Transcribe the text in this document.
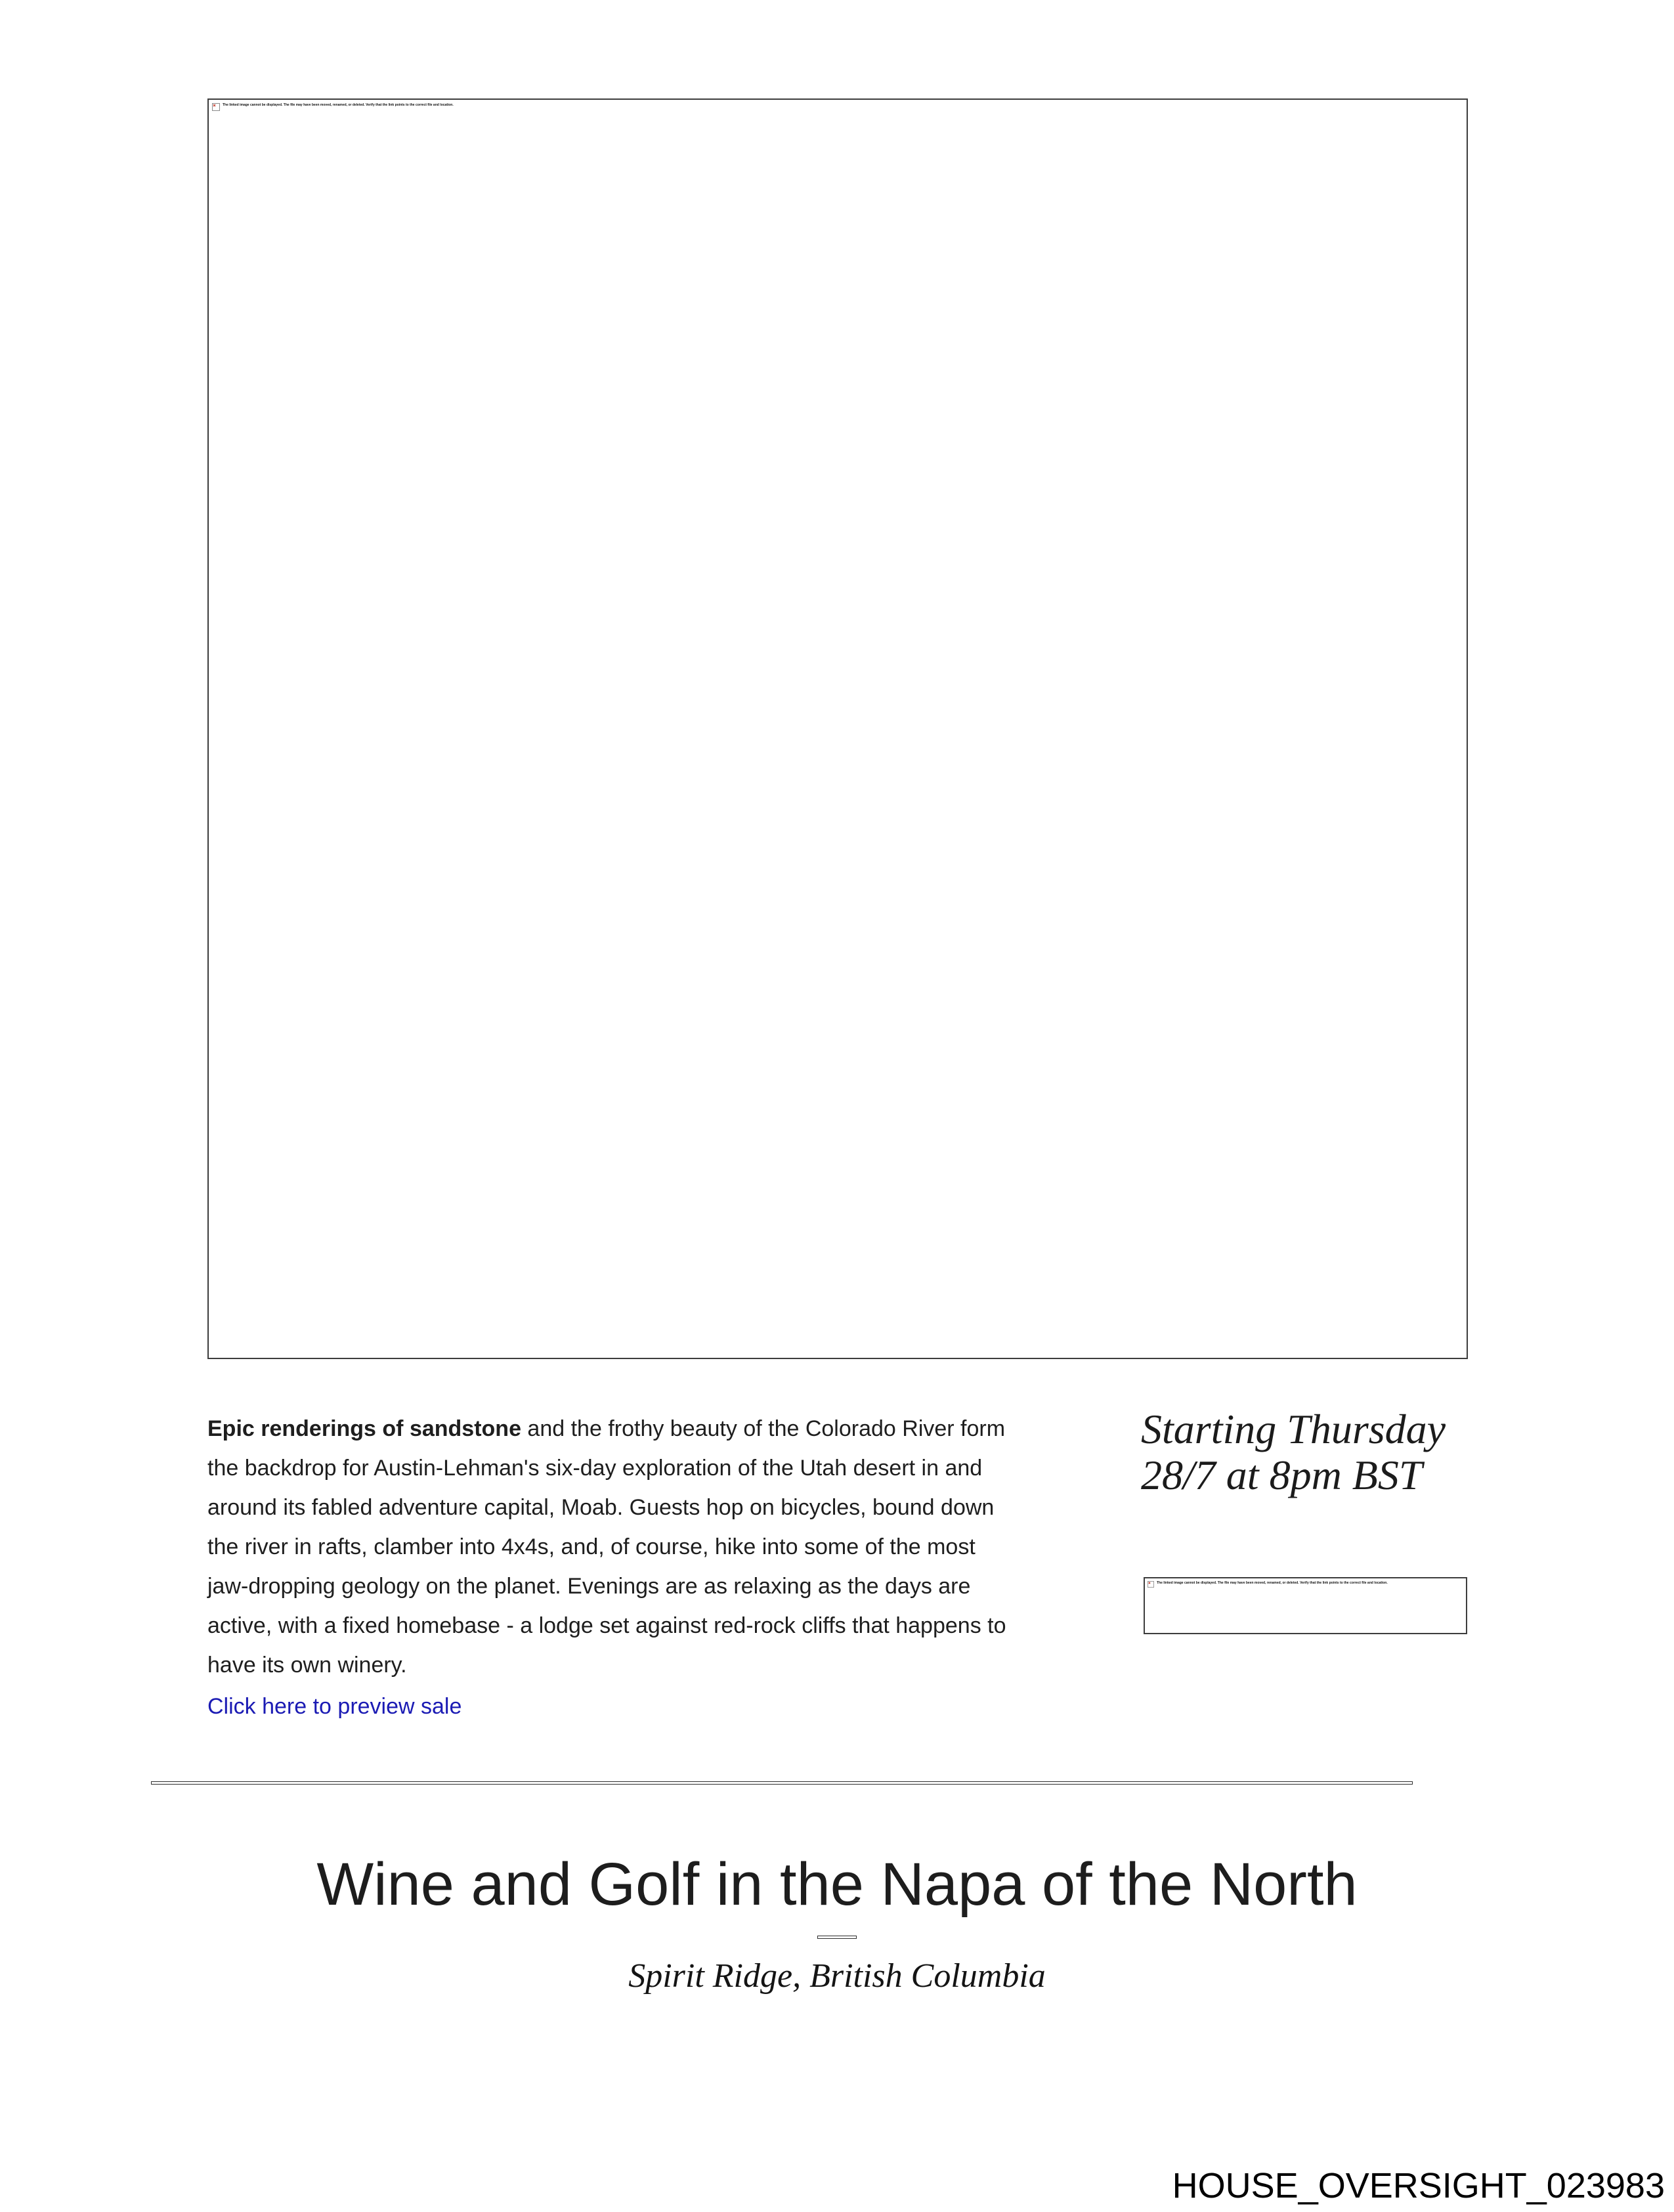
The linked image cannot be displayed. The file may have been moved, renamed, or deleted. Verify that the link points to the correct file and location.

Epic renderings of sandstone and the frothy beauty of the Colorado River form the backdrop for Austin-Lehman's six-day exploration of the Utah desert in and around its fabled adventure capital, Moab. Guests hop on bicycles, bound down the river in rafts, clamber into 4x4s, and, of course, hike into some of the most jaw-dropping geology on the planet. Evenings are as relaxing as the days are active, with a fixed homebase - a lodge set against red-rock cliffs that happens to have its own winery.

Click here to preview sale
Starting Thursday 28/7 at 8pm BST
The linked image cannot be displayed. The file may have been moved, renamed, or deleted. Verify that the link points to the correct file and location.
Wine and Golf in the Napa of the North
Spirit Ridge, British Columbia
HOUSE_OVERSIGHT_023983
